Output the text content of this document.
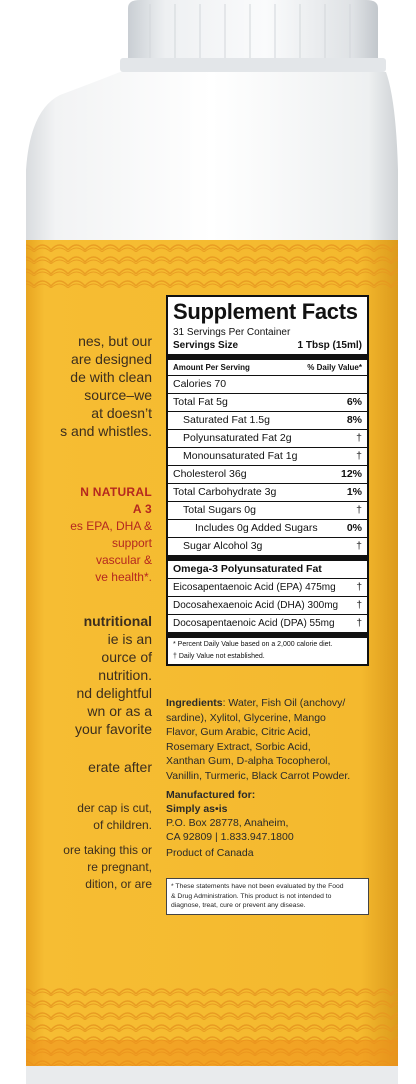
nes, but our
are designed
de with clean
source–we
at doesn’t
s and whistles.
N NATURAL
A 3
es EPA, DHA &
support
vascular &
ve health*.
nutritional
ie is an
ource of
nutrition.
nd delightful
wn or as a
your favorite
erate after
der cap is cut,
of children.
ore taking this or
re pregnant,
dition, or are
Supplement Facts
31 Servings Per Container
Servings Size	1 Tbsp (15ml)
Amount Per Serving	% Daily Value*
Calories 70
Total Fat 5g	6%
Saturated Fat 1.5g	8%
Polyunsaturated Fat 2g	†
Monounsaturated Fat 1g	†
Cholesterol 36g	12%
Total Carbohydrate 3g	1%
Total Sugars 0g	†
Includes 0g Added Sugars	0%
Sugar Alcohol 3g	†
Omega-3 Polyunsaturated Fat
Eicosapentaenoic Acid (EPA) 475mg †
Docosahexaenoic Acid (DHA) 300mg †
Docosapentaenoic Acid (DPA) 55mg †
* Percent Daily Value based on a 2,000 calorie diet.
† Daily Value not established.
Ingredients: Water, Fish Oil (anchovy/
sardine), Xylitol, Glycerine, Mango
Flavor, Gum Arabic, Citric Acid,
Rosemary Extract, Sorbic Acid,
Xanthan Gum, D-alpha Tocopherol,
Vanillin, Turmeric, Black Carrot Powder.
Manufactured for:
Simply as•is
P.O. Box 28778, Anaheim,
CA 92809 | 1.833.947.1800
Product of Canada
* These statements have not been evaluated by the Food
& Drug Administration. This product is not intended to
diagnose, treat, cure or prevent any disease.
